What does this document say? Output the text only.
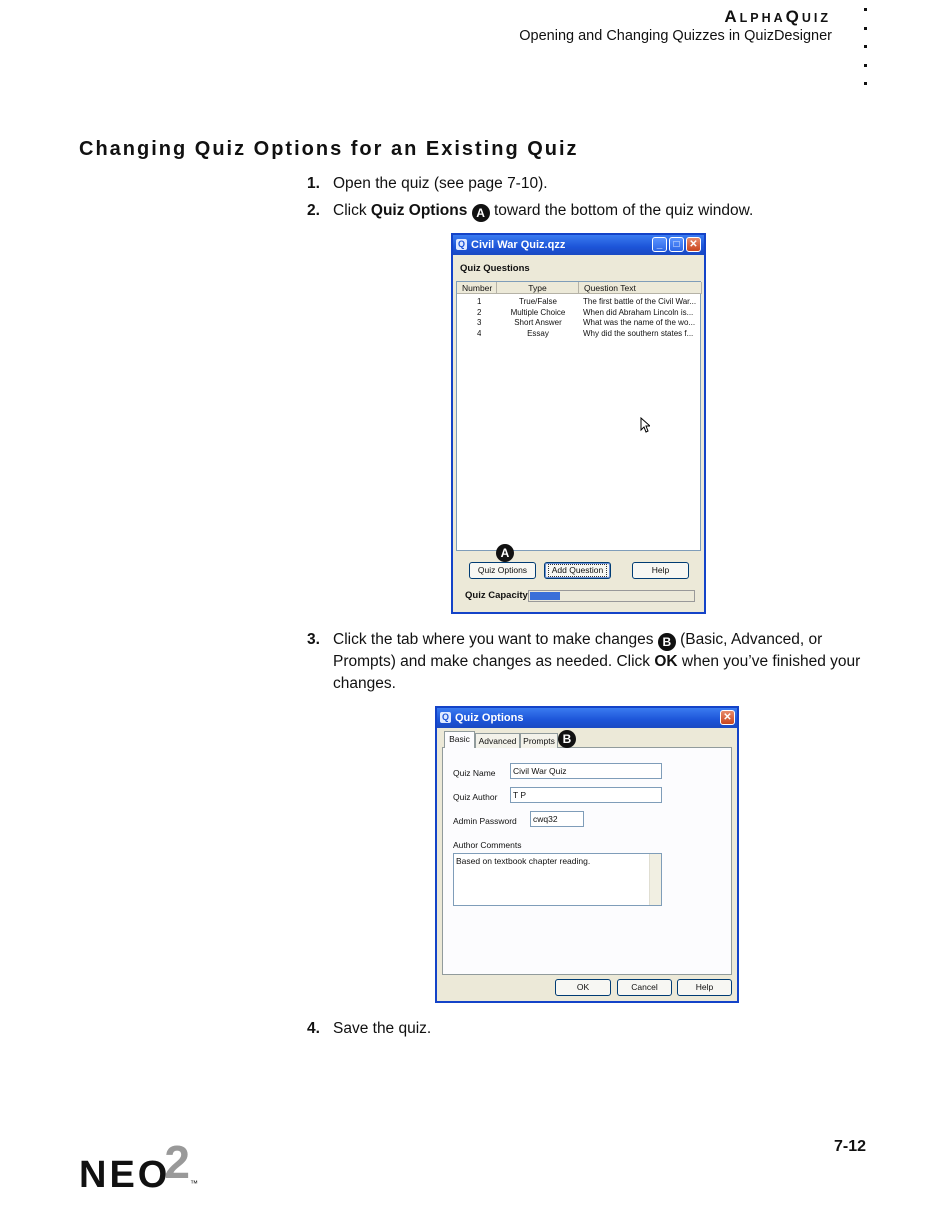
ALPHAQUIZ
Opening and Changing Quizzes in QuizDesigner
Changing Quiz Options for an Existing Quiz
1. Open the quiz (see page 7-10).
2. Click Quiz Options A toward the bottom of the quiz window.
Q Civil War Quiz.qzz	_	□ ✕
Quiz Questions
Number	Type	Question Text
1	True/False	The first battle of the Civil War...
2	Multiple Choice	When did Abraham Lincoln is...
3	Short Answer	What was the name of the wo...
4	Essay	Why did the southern states f...
A
Quiz Options	Add Question	Help
Quiz Capacity
3. Click the tab where you want to make changes B (Basic, Advanced, or Prompts) and make changes as needed. Click OK when you’ve finished your changes.
Q Quiz Options	✕
Basic	Advanced Prompts B
Quiz Name	Civil War Quiz
Quiz Author	T P
Admin Password	cwq32
Author Comments
Based on textbook chapter reading.
OK	Cancel	Help
4. Save the quiz.
NEO2™
7-12
